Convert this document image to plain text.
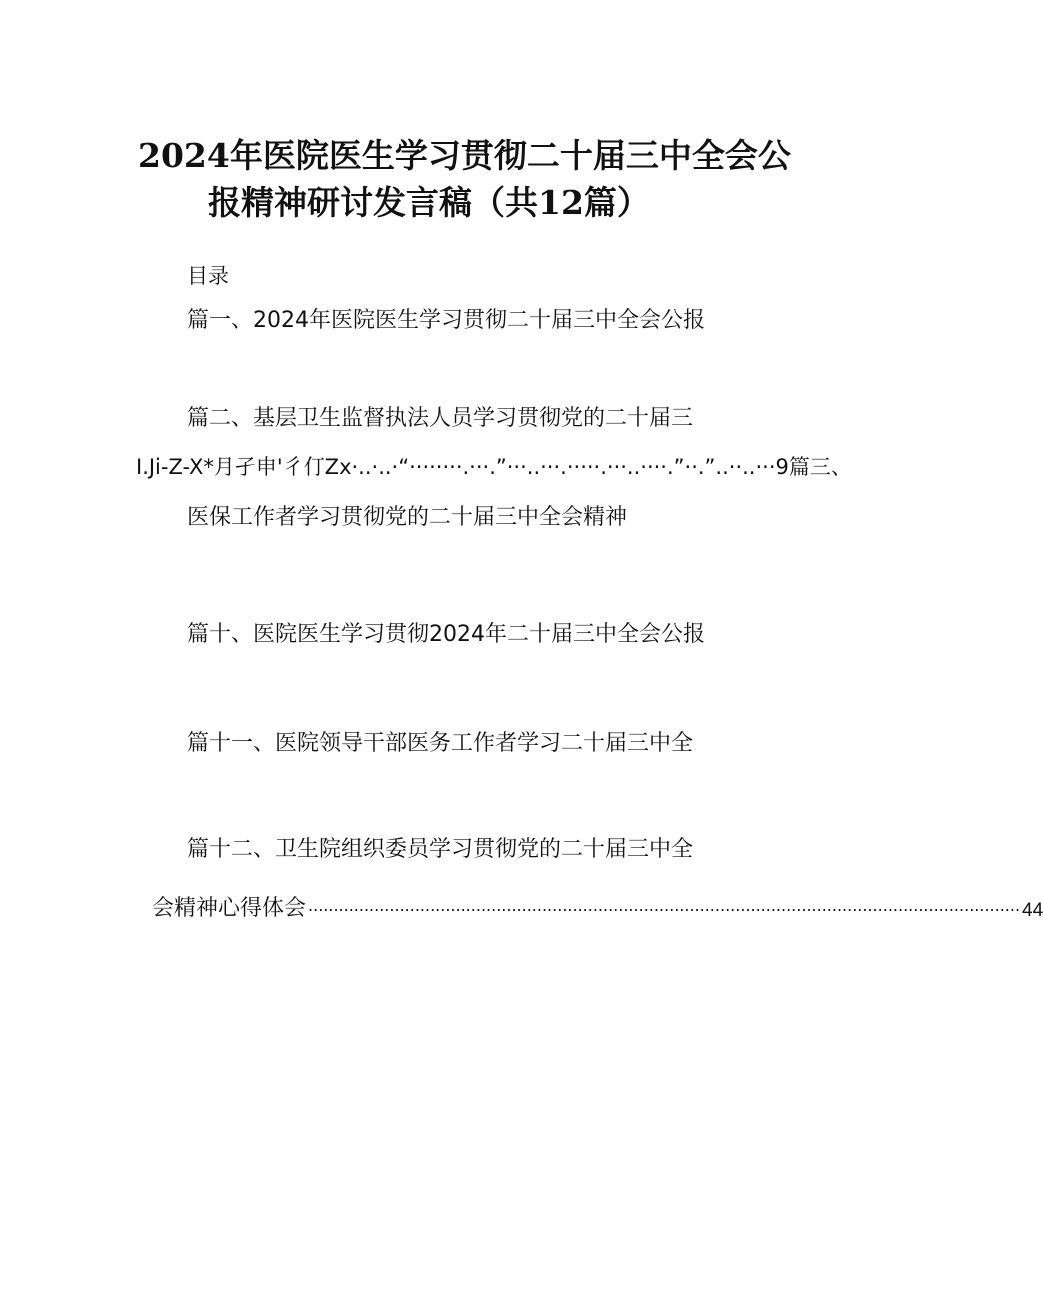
2024年医院医生学习贯彻二十届三中全会公
报精神研讨发言稿（共12篇）
目录
篇一、2024年医院医生学习贯彻二十届三中全会公报
篇二、基层卫生监督执法人员学习贯彻党的二十届三
I.Ji-Z-X*月孑申'彳仃Zx·..·..·“········.···.”···..···.·····.···..····.”··.”..··..···9篇三、
医保工作者学习贯彻党的二十届三中全会精神
篇十、医院医生学习贯彻2024年二十届三中全会公报
篇十一、医院领导干部医务工作者学习二十届三中全
篇十二、卫生院组织委员学习贯彻党的二十届三中全
会精神心得体会 ............................................................................................................................................ 44
